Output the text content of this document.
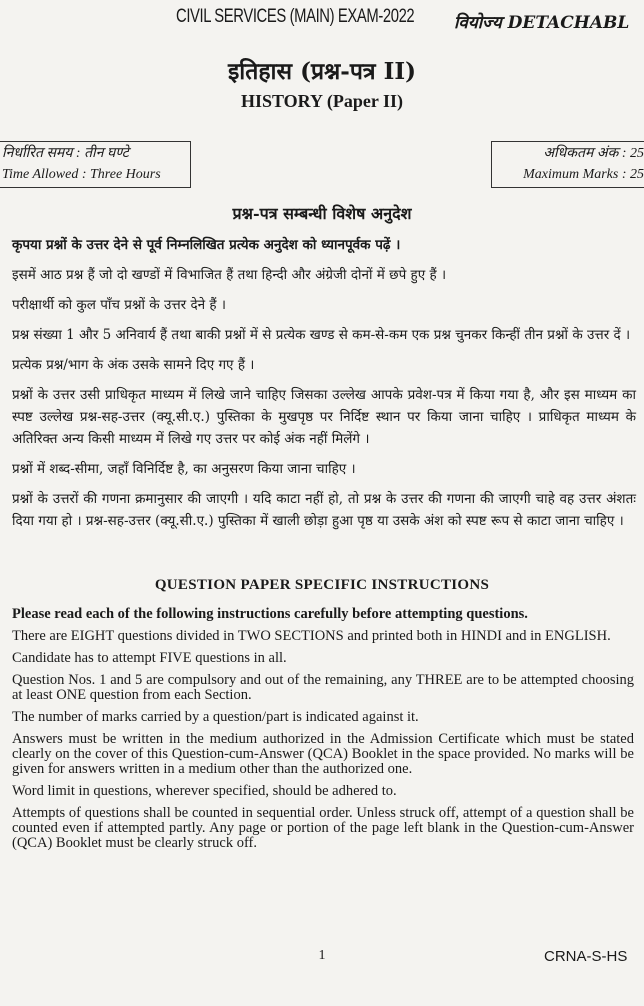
CIVIL SERVICES (MAIN) EXAM-2022 वियोज्य DETACHABL
इतिहास (प्रश्न-पत्र II)
HISTORY (Paper II)
निर्धारित समय : तीन घण्टे
Time Allowed : Three Hours
अधिकतम अंक : 25
Maximum Marks : 25
प्रश्न-पत्र सम्बन्धी विशेष अनुदेश

कृपया प्रश्नों के उत्तर देने से पूर्व निम्नलिखित प्रत्येक अनुदेश को ध्यानपूर्वक पढ़ें ।

इसमें आठ प्रश्न हैं जो दो खण्डों में विभाजित हैं तथा हिन्दी और अंग्रेजी दोनों में छपे हुए हैं ।

परीक्षार्थी को कुल पाँच प्रश्नों के उत्तर देने हैं ।

प्रश्न संख्या 1 और 5 अनिवार्य हैं तथा बाकी प्रश्नों में से प्रत्येक खण्ड से कम-से-कम एक प्रश्न चुनकर किन्हीं तीन प्रश्नों के उत्तर दें ।

प्रत्येक प्रश्न/भाग के अंक उसके सामने दिए गए हैं ।

प्रश्नों के उत्तर उसी प्राधिकृत माध्यम में लिखे जाने चाहिए जिसका उल्लेख आपके प्रवेश-पत्र में किया गया है, और इस माध्यम का स्पष्ट उल्लेख प्रश्न-सह-उत्तर (क्यू.सी.ए.) पुस्तिका के मुखपृष्ठ पर निर्दिष्ट स्थान पर किया जाना चाहिए । प्राधिकृत माध्यम के अतिरिक्त अन्य किसी माध्यम में लिखे गए उत्तर पर कोई अंक नहीं मिलेंगे ।

प्रश्नों में शब्द-सीमा, जहाँ विनिर्दिष्ट है, का अनुसरण किया जाना चाहिए ।

प्रश्नों के उत्तरों की गणना क्रमानुसार की जाएगी । यदि काटा नहीं हो, तो प्रश्न के उत्तर की गणना की जाएगी चाहे वह उत्तर अंशतः दिया गया हो । प्रश्न-सह-उत्तर (क्यू.सी.ए.) पुस्तिका में खाली छोड़ा हुआ पृष्ठ या उसके अंश को स्पष्ट रूप से काटा जाना चाहिए ।

QUESTION PAPER SPECIFIC INSTRUCTIONS

Please read each of the following instructions carefully before attempting questions.

There are EIGHT questions divided in TWO SECTIONS and printed both in HINDI and in ENGLISH.

Candidate has to attempt FIVE questions in all.

Question Nos. 1 and 5 are compulsory and out of the remaining, any THREE are to be attempted choosing at least ONE question from each Section.

The number of marks carried by a question/part is indicated against it.

Answers must be written in the medium authorized in the Admission Certificate which must be stated clearly on the cover of this Question-cum-Answer (QCA) Booklet in the space provided. No marks will be given for answers written in a medium other than the authorized one.

Word limit in questions, wherever specified, should be adhered to.

Attempts of questions shall be counted in sequential order. Unless struck off, attempt of a question shall be counted even if attempted partly. Any page or portion of the page left blank in the Question-cum-Answer (QCA) Booklet must be clearly struck off.

1	CRNA-S-HS
